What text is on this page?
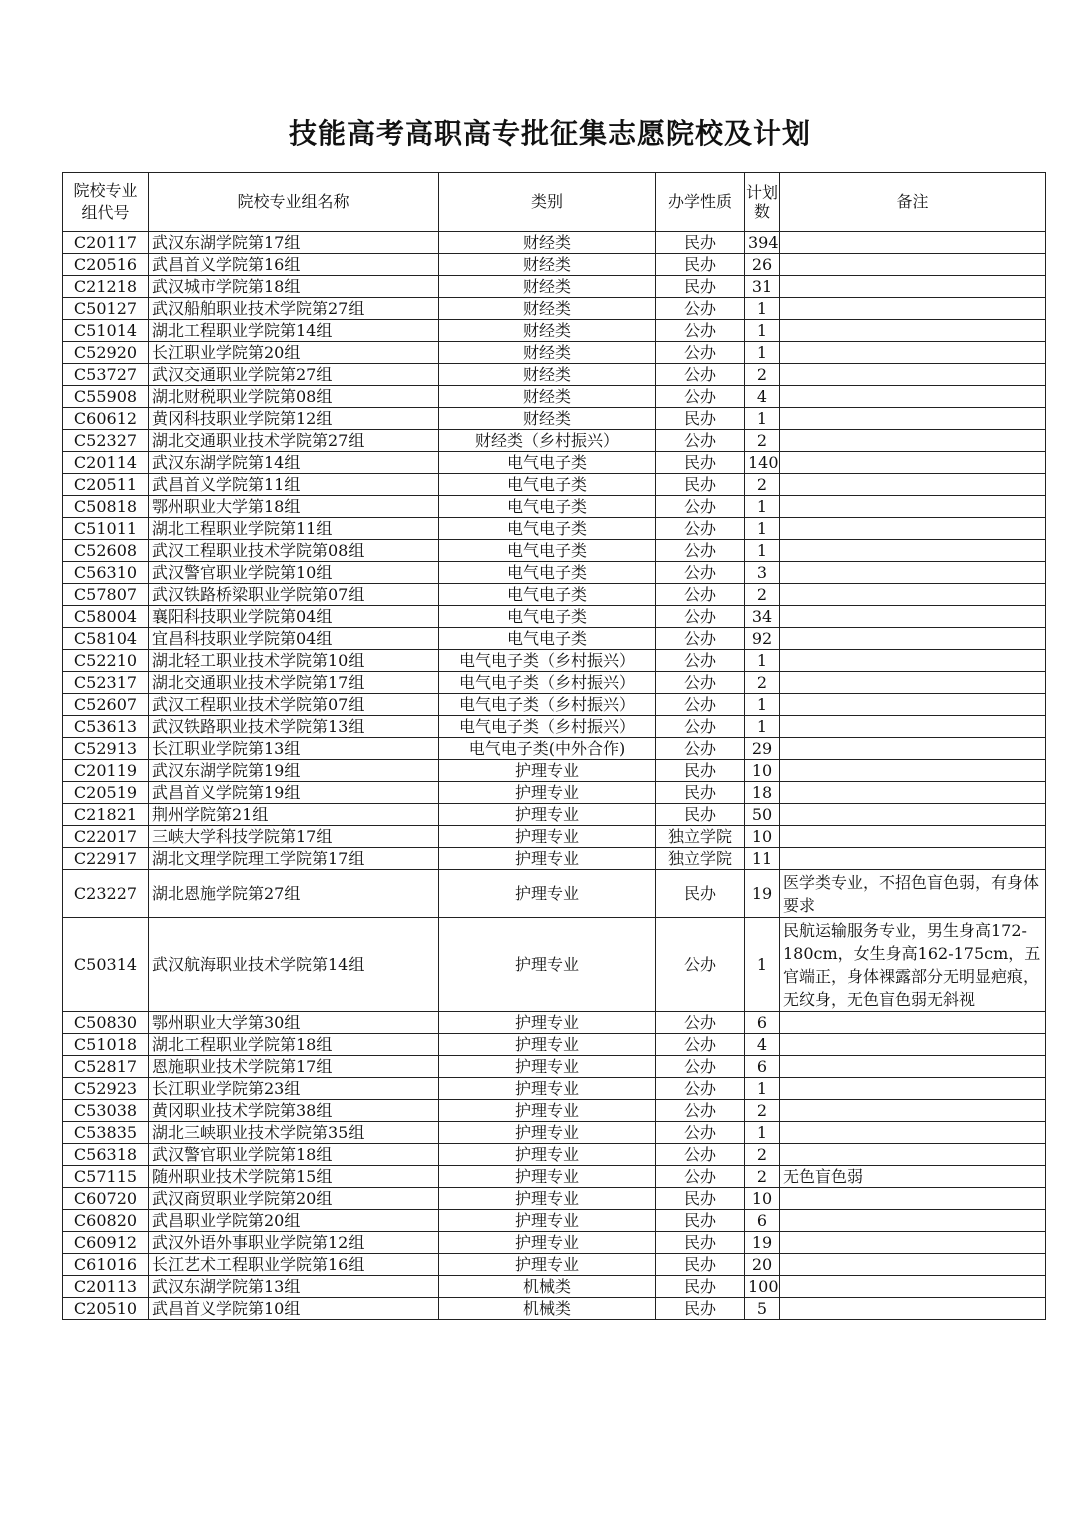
技能高考高职高专批征集志愿院校及计划
院校专业组代号	院校专业组名称	类别	办学性质	计划数	备注
C20117	武汉东湖学院第17组	财经类	民办	394	
C20516	武昌首义学院第16组	财经类	民办	26	
C21218	武汉城市学院第18组	财经类	民办	31	
C50127	武汉船舶职业技术学院第27组	财经类	公办	1	
C51014	湖北工程职业学院第14组	财经类	公办	1	
C52920	长江职业学院第20组	财经类	公办	1	
C53727	武汉交通职业学院第27组	财经类	公办	2	
C55908	湖北财税职业学院第08组	财经类	公办	4	
C60612	黄冈科技职业学院第12组	财经类	民办	1	
C52327	湖北交通职业技术学院第27组	财经类（乡村振兴）	公办	2	
C20114	武汉东湖学院第14组	电气电子类	民办	140	
C20511	武昌首义学院第11组	电气电子类	民办	2	
C50818	鄂州职业大学第18组	电气电子类	公办	1	
C51011	湖北工程职业学院第11组	电气电子类	公办	1	
C52608	武汉工程职业技术学院第08组	电气电子类	公办	1	
C56310	武汉警官职业学院第10组	电气电子类	公办	3	
C57807	武汉铁路桥梁职业学院第07组	电气电子类	公办	2	
C58004	襄阳科技职业学院第04组	电气电子类	公办	34	
C58104	宜昌科技职业学院第04组	电气电子类	公办	92	
C52210	湖北轻工职业技术学院第10组	电气电子类（乡村振兴）	公办	1	
C52317	湖北交通职业技术学院第17组	电气电子类（乡村振兴）	公办	2	
C52607	武汉工程职业技术学院第07组	电气电子类（乡村振兴）	公办	1	
C53613	武汉铁路职业技术学院第13组	电气电子类（乡村振兴）	公办	1	
C52913	长江职业学院第13组	电气电子类(中外合作)	公办	29	
C20119	武汉东湖学院第19组	护理专业	民办	10	
C20519	武昌首义学院第19组	护理专业	民办	18	
C21821	荆州学院第21组	护理专业	民办	50	
C22017	三峡大学科技学院第17组	护理专业	独立学院	10	
C22917	湖北文理学院理工学院第17组	护理专业	独立学院	11	
C23227	湖北恩施学院第27组	护理专业	民办	19	医学类专业，不招色盲色弱，有身体要求
C50314	武汉航海职业技术学院第14组	护理专业	公办	1	民航运输服务专业，男生身高172-180cm，女生身高162-175cm，五官端正，身体裸露部分无明显疤痕，无纹身，无色盲色弱无斜视
C50830	鄂州职业大学第30组	护理专业	公办	6	
C51018	湖北工程职业学院第18组	护理专业	公办	4	
C52817	恩施职业技术学院第17组	护理专业	公办	6	
C52923	长江职业学院第23组	护理专业	公办	1	
C53038	黄冈职业技术学院第38组	护理专业	公办	2	
C53835	湖北三峡职业技术学院第35组	护理专业	公办	1	
C56318	武汉警官职业学院第18组	护理专业	公办	2	
C57115	随州职业技术学院第15组	护理专业	公办	2	无色盲色弱
C60720	武汉商贸职业学院第20组	护理专业	民办	10	
C60820	武昌职业学院第20组	护理专业	民办	6	
C60912	武汉外语外事职业学院第12组	护理专业	民办	19	
C61016	长江艺术工程职业学院第16组	护理专业	民办	20	
C20113	武汉东湖学院第13组	机械类	民办	100	
C20510	武昌首义学院第10组	机械类	民办	5	
